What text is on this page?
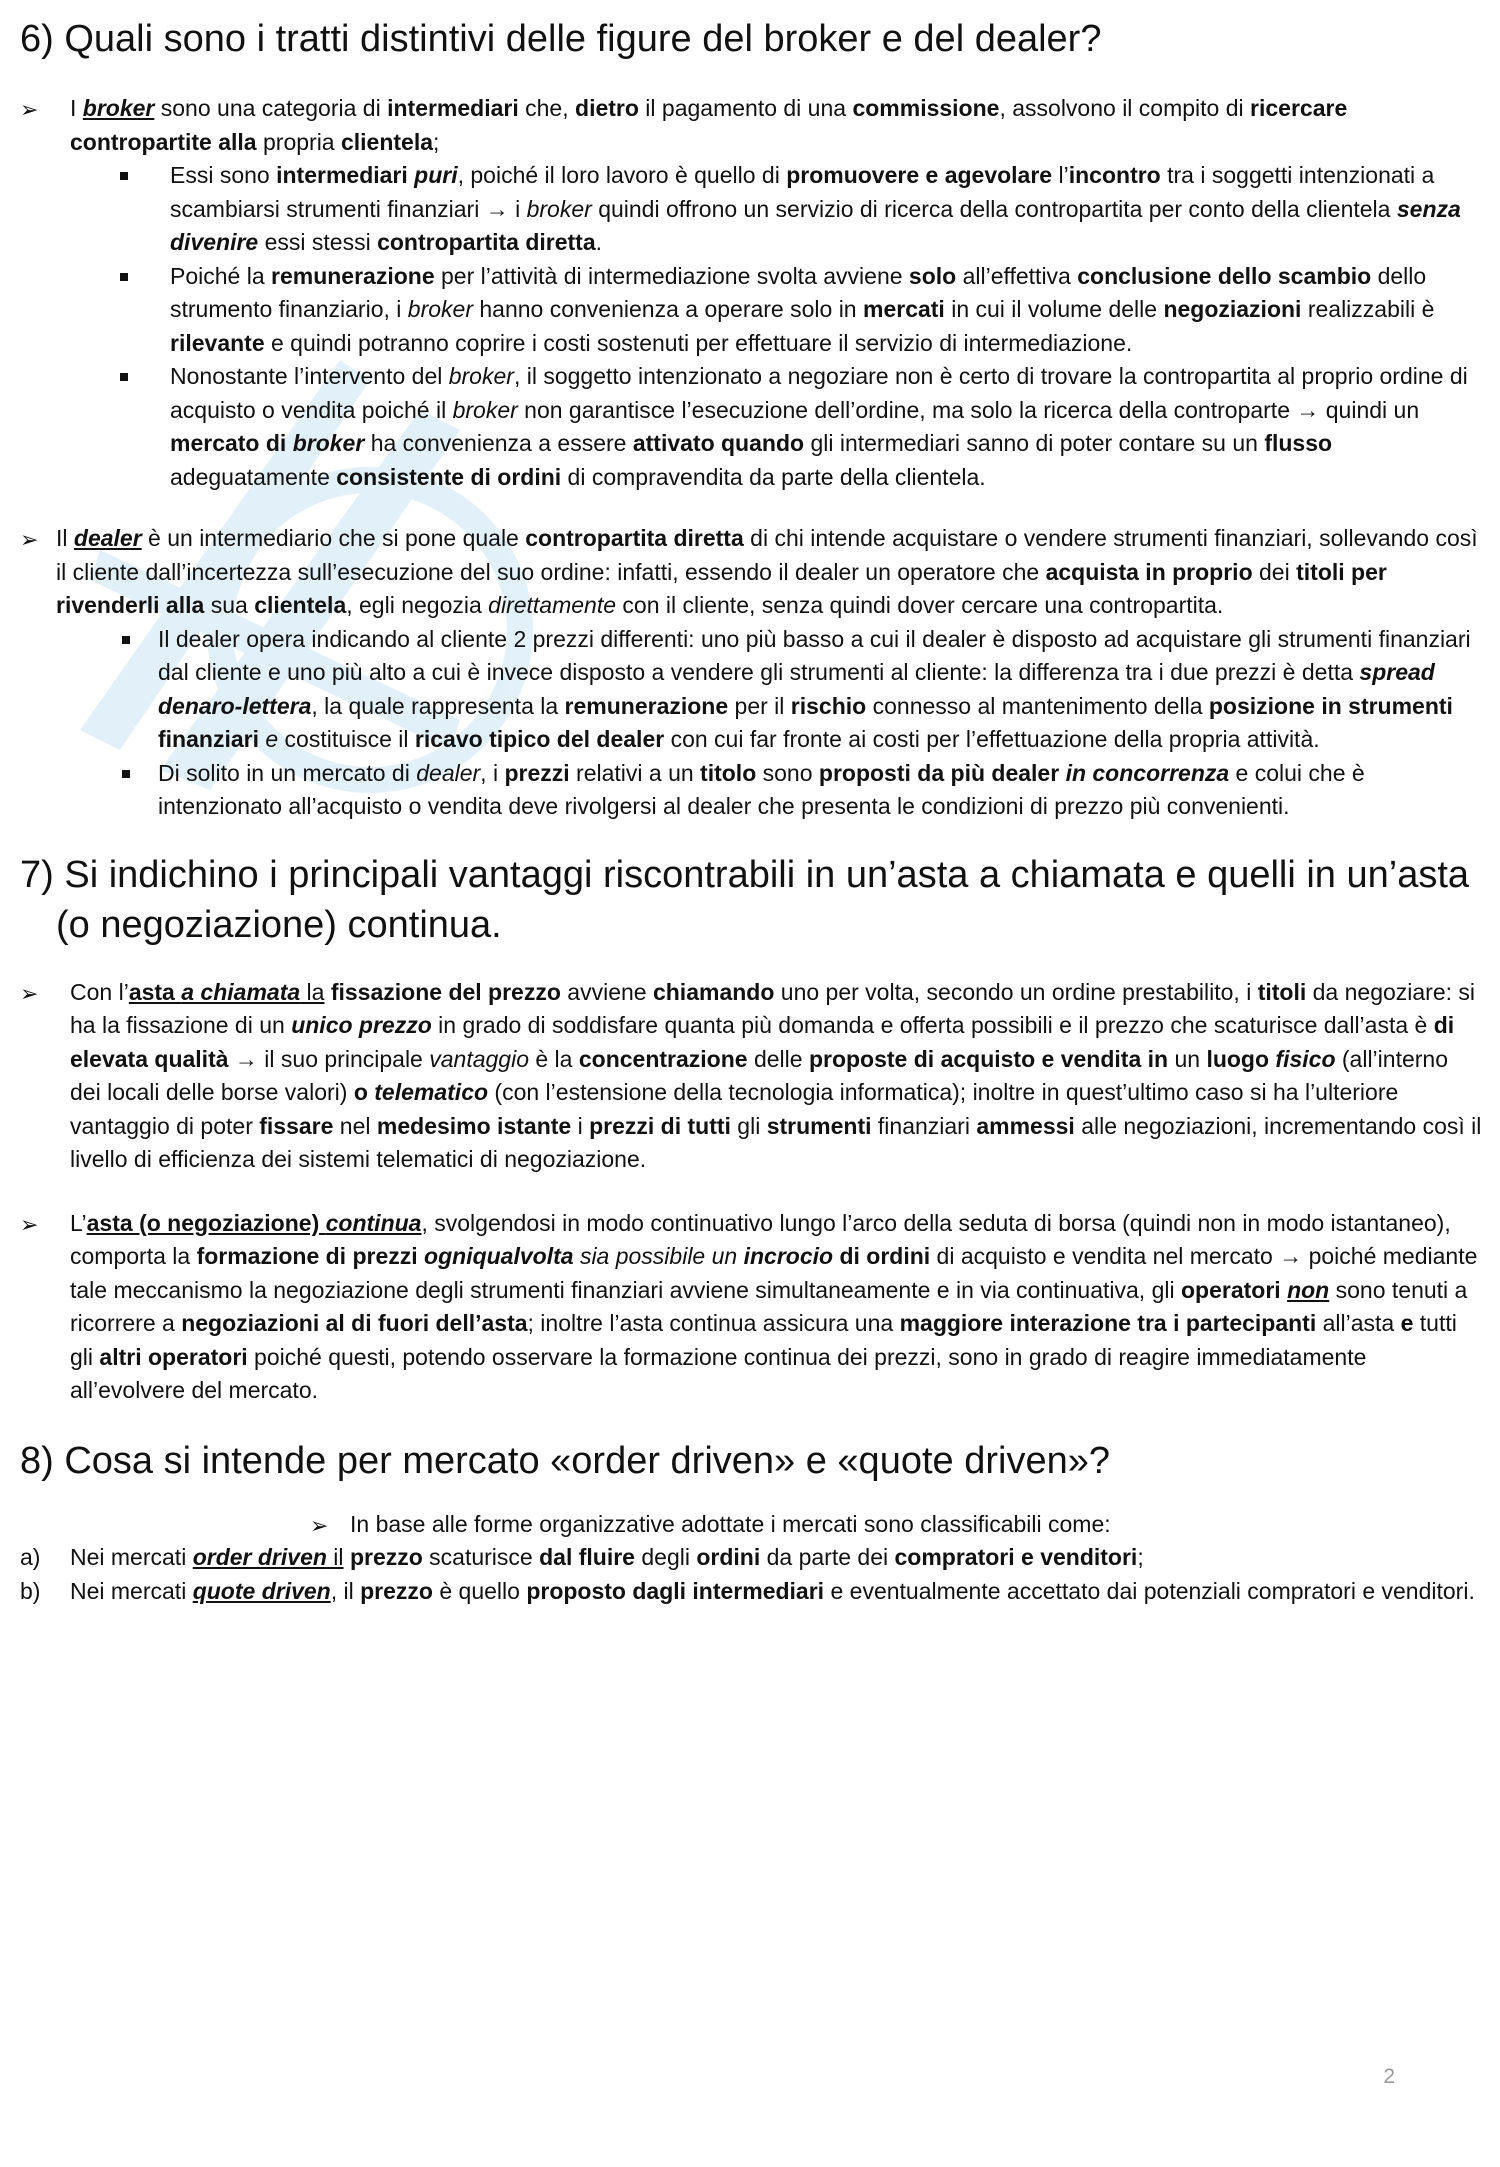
6) Quali sono i tratti distintivi delle figure del broker e del dealer?
➢ I broker sono una categoria di intermediari che, dietro il pagamento di una commissione, assolvono il compito di ricercare contropartite alla propria clientela;

Essi sono intermediari puri, poiché il loro lavoro è quello di promuovere e agevolare l’incontro tra i soggetti intenzionati a scambiarsi strumenti finanziari → i broker quindi offrono un servizio di ricerca della contropartita per conto della clientela senza divenire essi stessi contropartita diretta.
Poiché la remunerazione per l’attività di intermediazione svolta avviene solo all’effettiva conclusione dello scambio dello strumento finanziario, i broker hanno convenienza a operare solo in mercati in cui il volume delle negoziazioni realizzabili è rilevante e quindi potranno coprire i costi sostenuti per effettuare il servizio di intermediazione.
Nonostante l’intervento del broker, il soggetto intenzionato a negoziare non è certo di trovare la contropartita al proprio ordine di acquisto o vendita poiché il broker non garantisce l’esecuzione dell’ordine, ma solo la ricerca della controparte → quindi un mercato di broker ha convenienza a essere attivato quando gli intermediari sanno di poter contare su un flusso adeguatamente consistente di ordini di compravendita da parte della clientela.
➢ Il dealer è un intermediario che si pone quale contropartita diretta di chi intende acquistare o vendere strumenti finanziari, sollevando così il cliente dall’incertezza sull’esecuzione del suo ordine: infatti, essendo il dealer un operatore che acquista in proprio dei titoli per rivenderli alla sua clientela, egli negozia direttamente con il cliente, senza quindi dover cercare una contropartita.

Il dealer opera indicando al cliente 2 prezzi differenti: uno più basso a cui il dealer è disposto ad acquistare gli strumenti finanziari dal cliente e uno più alto a cui è invece disposto a vendere gli strumenti al cliente: la differenza tra i due prezzi è detta spread denaro-lettera, la quale rappresenta la remunerazione per il rischio connesso al mantenimento della posizione in strumenti finanziari e costituisce il ricavo tipico del dealer con cui far fronte ai costi per l’effettuazione della propria attività.
Di solito in un mercato di dealer, i prezzi relativi a un titolo sono proposti da più dealer in concorrenza e colui che è intenzionato all’acquisto o vendita deve rivolgersi al dealer che presenta le condizioni di prezzo più convenienti.
7) Si indichino i principali vantaggi riscontrabili in un’asta a chiamata e quelli in un’asta (o negoziazione) continua.
➢ Con l’asta a chiamata la fissazione del prezzo avviene chiamando uno per volta, secondo un ordine prestabilito, i titoli da negoziare: si ha la fissazione di un unico prezzo in grado di soddisfare quanta più domanda e offerta possibili e il prezzo che scaturisce dall’asta è di elevata qualità → il suo principale vantaggio è la concentrazione delle proposte di acquisto e vendita in un luogo fisico (all’interno dei locali delle borse valori) o telematico (con l’estensione della tecnologia informatica); inoltre in quest’ultimo caso si ha l’ulteriore vantaggio di poter fissare nel medesimo istante i prezzi di tutti gli strumenti finanziari ammessi alle negoziazioni, incrementando così il livello di efficienza dei sistemi telematici di negoziazione.

➢ L’asta (o negoziazione) continua, svolgendosi in modo continuativo lungo l’arco della seduta di borsa (quindi non in modo istantaneo), comporta la formazione di prezzi ogniqualvolta sia possibile un incrocio di ordini di acquisto e vendita nel mercato → poiché mediante tale meccanismo la negoziazione degli strumenti finanziari avviene simultaneamente e in via continuativa, gli operatori non sono tenuti a ricorrere a negoziazioni al di fuori dell’asta; inoltre l’asta continua assicura una maggiore interazione tra i partecipanti all’asta e tutti gli altri operatori poiché questi, potendo osservare la formazione continua dei prezzi, sono in grado di reagire immediatamente all’evolvere del mercato.

8) Cosa si intende per mercato «order driven» e «quote driven»?
➢ In base alle forme organizzative adottate i mercati sono classificabili come:

a) Nei mercati order driven il prezzo scaturisce dal fluire degli ordini da parte dei compratori e venditori;

b) Nei mercati quote driven, il prezzo è quello proposto dagli intermediari e eventualmente accettato dai potenziali compratori e venditori.

2
